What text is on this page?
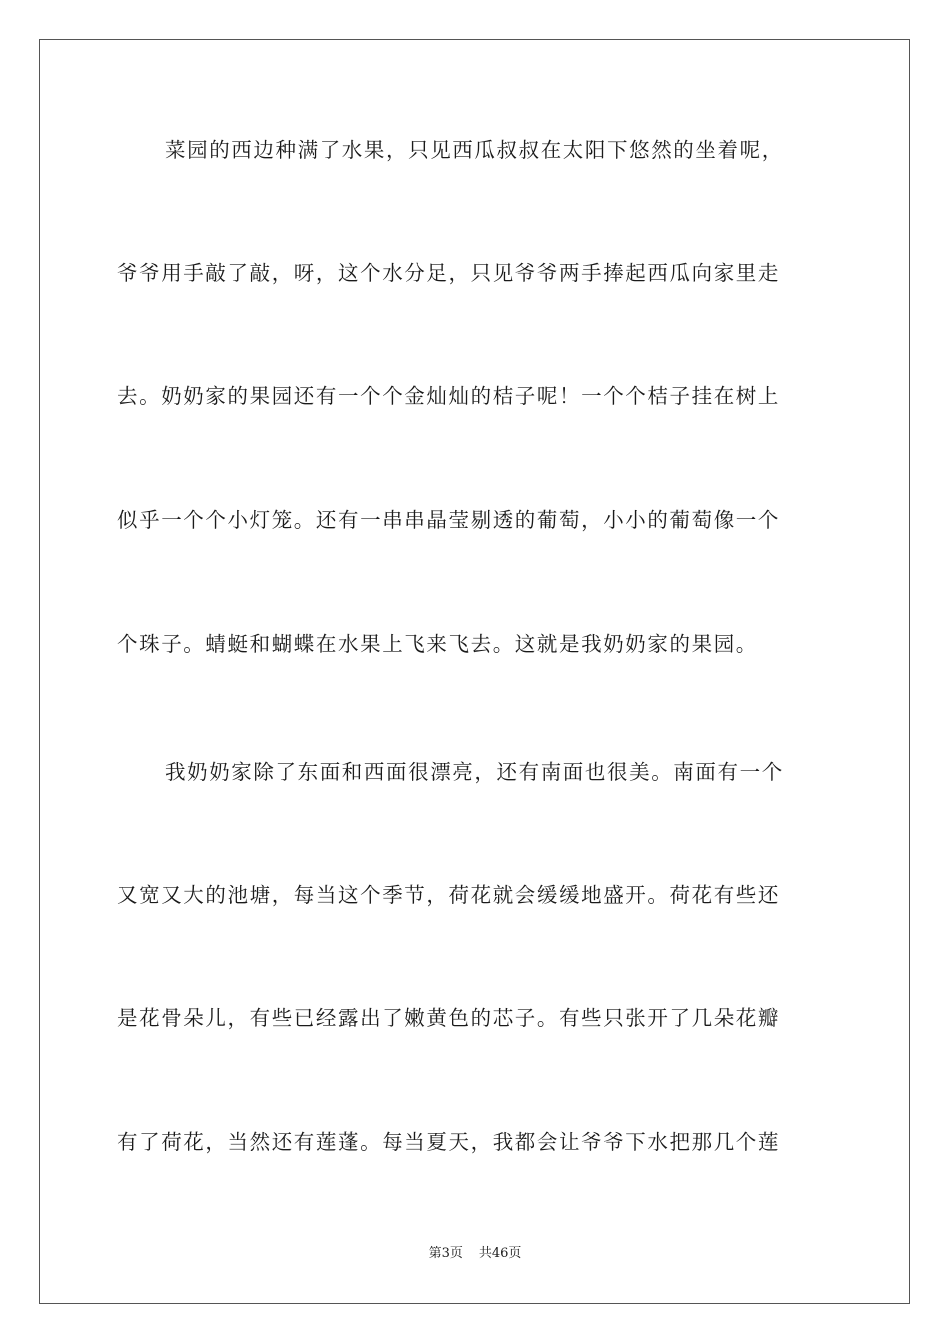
菜园的西边种满了水果，只见西瓜叔叔在太阳下悠然的坐着呢，
爷爷用手敲了敲，呀，这个水分足，只见爷爷两手捧起西瓜向家里走
去。奶奶家的果园还有一个个金灿灿的桔子呢！一个个桔子挂在树上
似乎一个个小灯笼。还有一串串晶莹剔透的葡萄，小小的葡萄像一个
个珠子。蜻蜓和蝴蝶在水果上飞来飞去。这就是我奶奶家的果园。
我奶奶家除了东面和西面很漂亮，还有南面也很美。南面有一个
又宽又大的池塘，每当这个季节，荷花就会缓缓地盛开。荷花有些还
是花骨朵儿，有些已经露出了嫩黄色的芯子。有些只张开了几朵花瓣
有了荷花，当然还有莲蓬。每当夏天，我都会让爷爷下水把那几个莲
第3页 共46页
